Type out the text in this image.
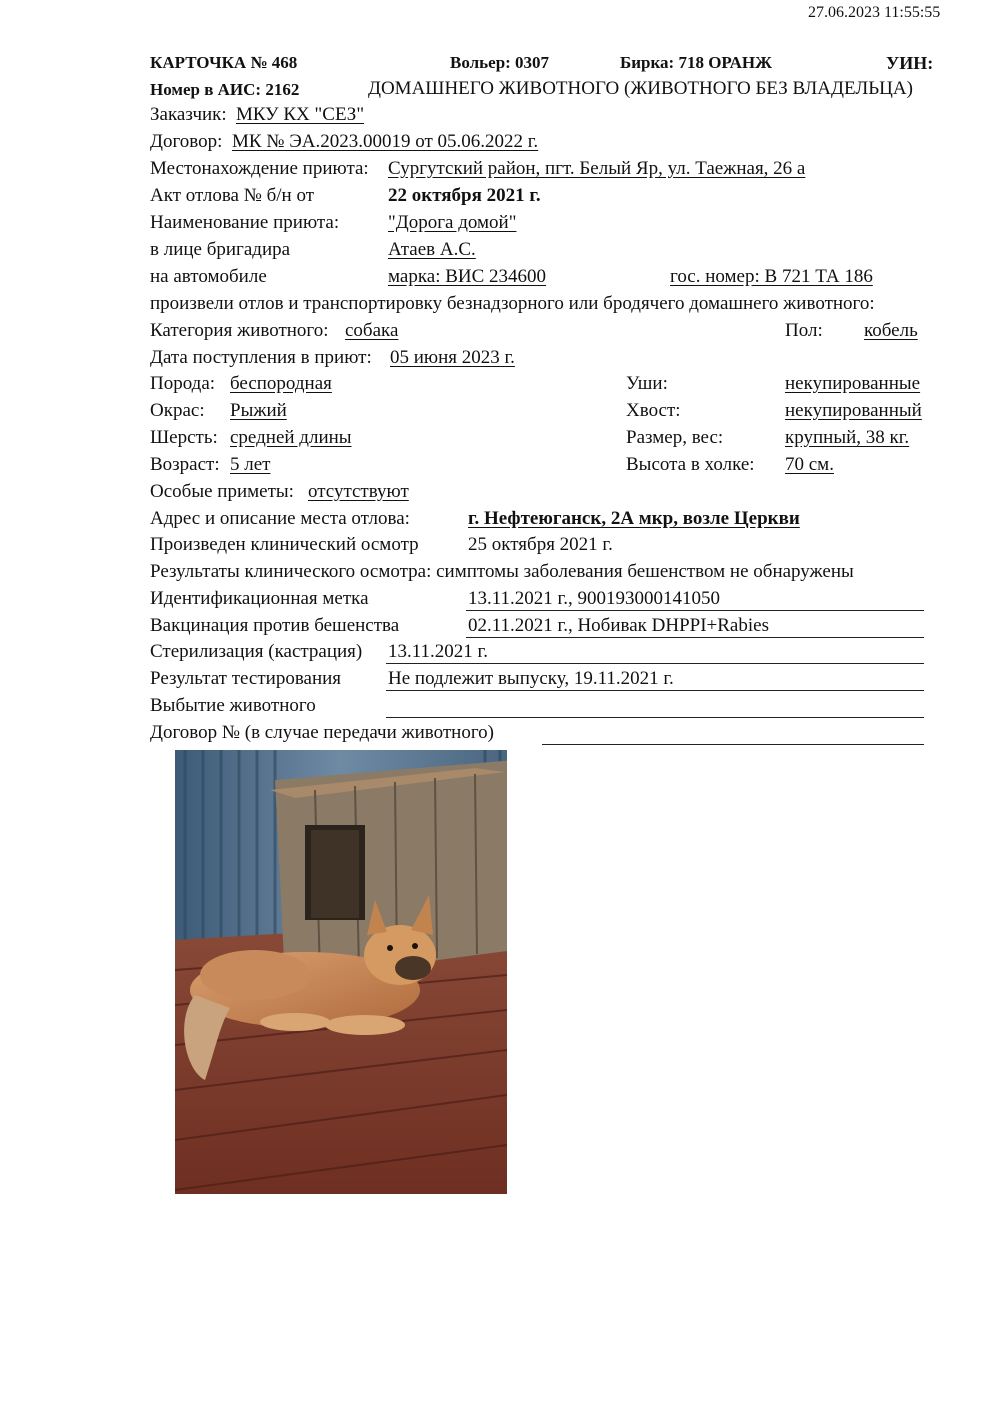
27.06.2023 11:55:55
КАРТОЧКА № 468	Вольер: 0307	Бирка: 718 ОРАНЖ	УИН:
Номер в АИС: 2162	ДОМАШНЕГО ЖИВОТНОГО (ЖИВОТНОГО БЕЗ ВЛАДЕЛЬЦА)
Заказчик: МКУ КХ "СЕЗ"
Договор: МК № ЭА.2023.00019 от 05.06.2022 г.
Местонахождение приюта: Сургутский район, пгт. Белый Яр, ул. Таежная, 26 а
Акт отлова № б/н от	22 октября 2021 г.
Наименование приюта:	"Дорога домой"
в лице бригадира	Атаев А.С.
на автомобиле	марка: ВИС 234600	гос. номер: В 721 ТА 186
произвели отлов и транспортировку безнадзорного или бродячего домашнего животного:
Категория животного: собака	Пол: кобель
Дата поступления в приют: 05 июня 2023 г.
Порода: беспородная	Уши:	некупированные
Окрас: Рыжий	Хвост:	некупированный
Шерсть: средней длины	Размер, вес:	крупный, 38 кг.
Возраст: 5 лет	Высота в холке: 70 см.
Особые приметы: отсутствуют
Адрес и описание места отлова:	г. Нефтеюганск, 2А мкр, возле Церкви
Произведен клинический осмотр	25 октября 2021 г.
Результаты клинического осмотра: симптомы заболевания бешенством не обнаружены
Идентификационная метка	13.11.2021 г., 900193000141050
Вакцинация против бешенства	02.11.2021 г., Нобивак DHPPI+Rabies
Стерилизация (кастрация) 13.11.2021 г.
Результат тестирования Не подлежит выпуску, 19.11.2021 г.
Выбытие животного
Договор № (в случае передачи животного)
